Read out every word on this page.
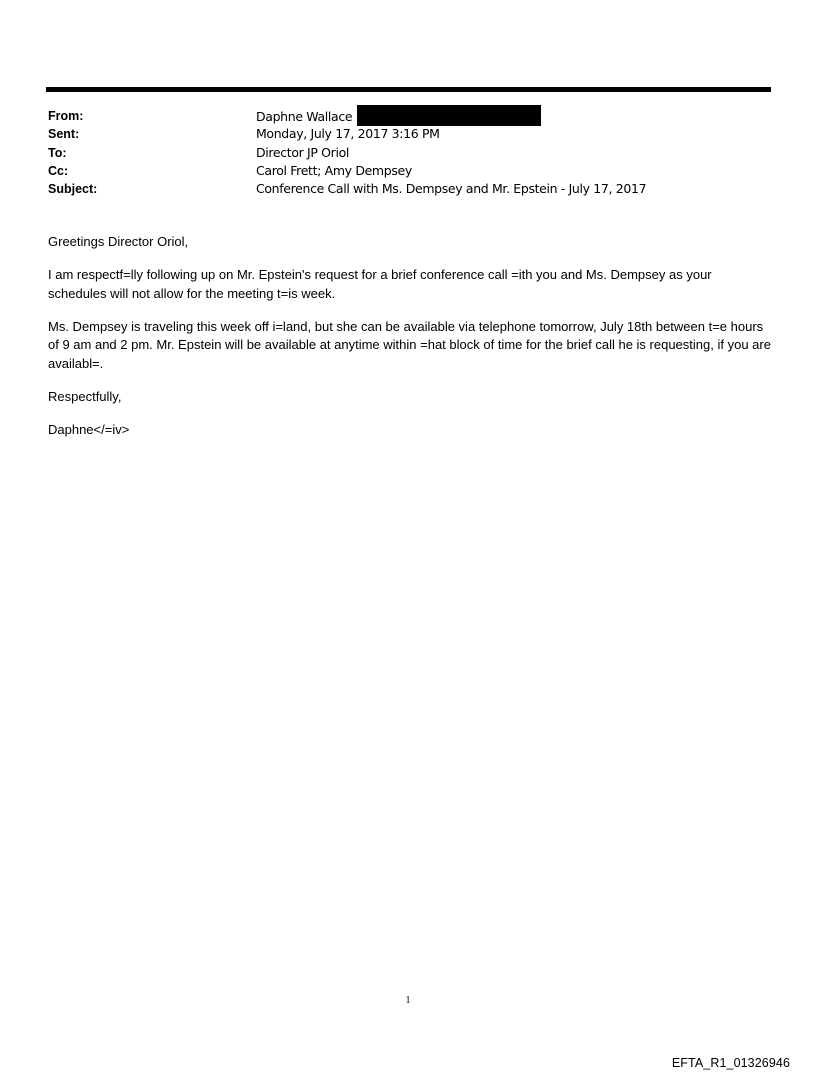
From:	Daphne Wallace
Sent:	Monday, July 17, 2017 3:16 PM
To:	Director JP Oriol
Cc:	Carol Frett; Amy Dempsey
Subject:	Conference Call with Ms. Dempsey and Mr. Epstein - July 17, 2017

Greetings Director Oriol,

I am respectf=lly following up on Mr. Epstein's request for a brief conference call =ith you and Ms. Dempsey as your schedules will not allow for the meeting t=is week.

Ms. Dempsey is traveling this week off i=land, but she can be available via telephone tomorrow, July 18th between t=e hours of 9 am and 2 pm. Mr. Epstein will be available at anytime within =hat block of time for the brief call he is requesting, if you are availabl=.

Respectfully,

Daphne</=iv>

1
EFTA_R1_01326946
